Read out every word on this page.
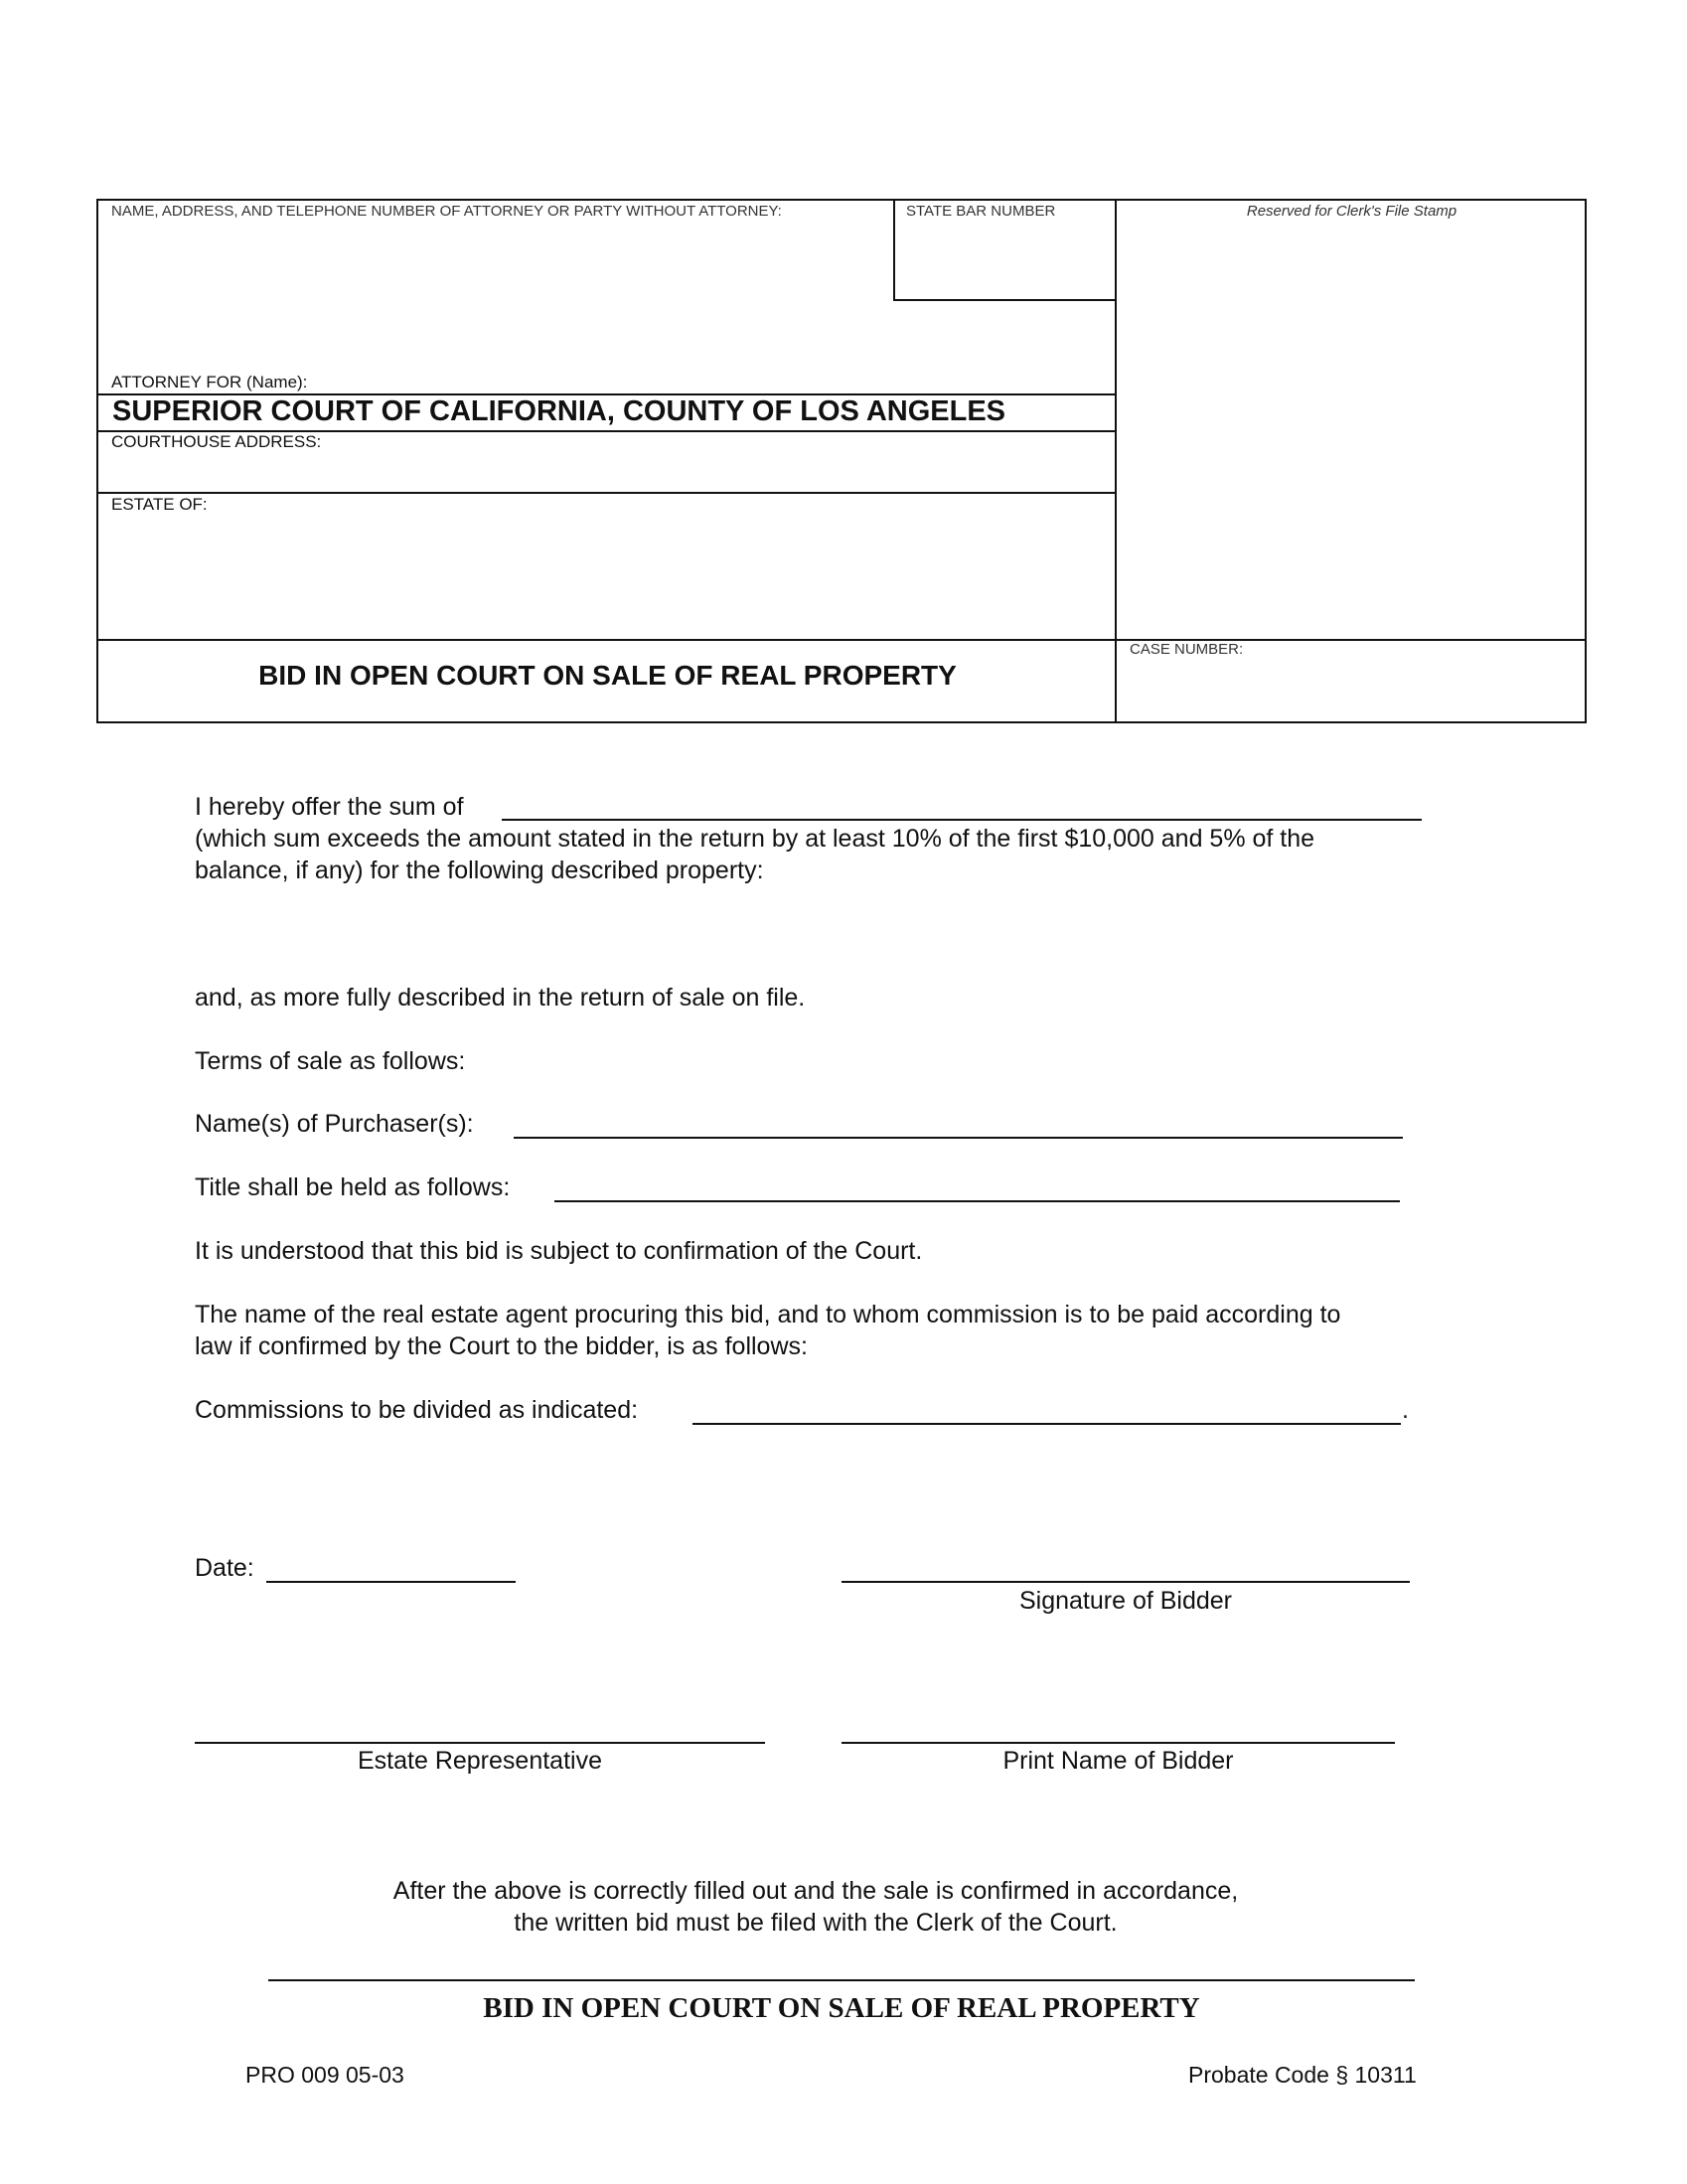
NAME, ADDRESS, AND TELEPHONE NUMBER OF ATTORNEY OR PARTY WITHOUT ATTORNEY:	STATE BAR NUMBER	Reserved for Clerk's File Stamp
ATTORNEY FOR (Name):
SUPERIOR COURT OF CALIFORNIA, COUNTY OF LOS ANGELES
COURTHOUSE ADDRESS:
ESTATE OF:
BID IN OPEN COURT ON SALE OF REAL PROPERTY
CASE NUMBER:
I hereby offer the sum of
(which sum exceeds the amount stated in the return by at least 10% of the first $10,000 and 5% of the
balance, if any) for the following described property:
and, as more fully described in the return of sale on file.
Terms of sale as follows:
Name(s) of Purchaser(s):
Title shall be held as follows:
It is understood that this bid is subject to confirmation of the Court.
The name of the real estate agent procuring this bid, and to whom commission is to be paid according to
law if confirmed by the Court to the bidder, is as follows:
Commissions to be divided as indicated:	.
Date:
Signature of Bidder
Estate Representative	Print Name of Bidder
After the above is correctly filled out and the sale is confirmed in accordance,
the written bid must be filed with the Clerk of the Court.
BID IN OPEN COURT ON SALE OF REAL PROPERTY
PRO 009 05-03	Probate Code § 10311
